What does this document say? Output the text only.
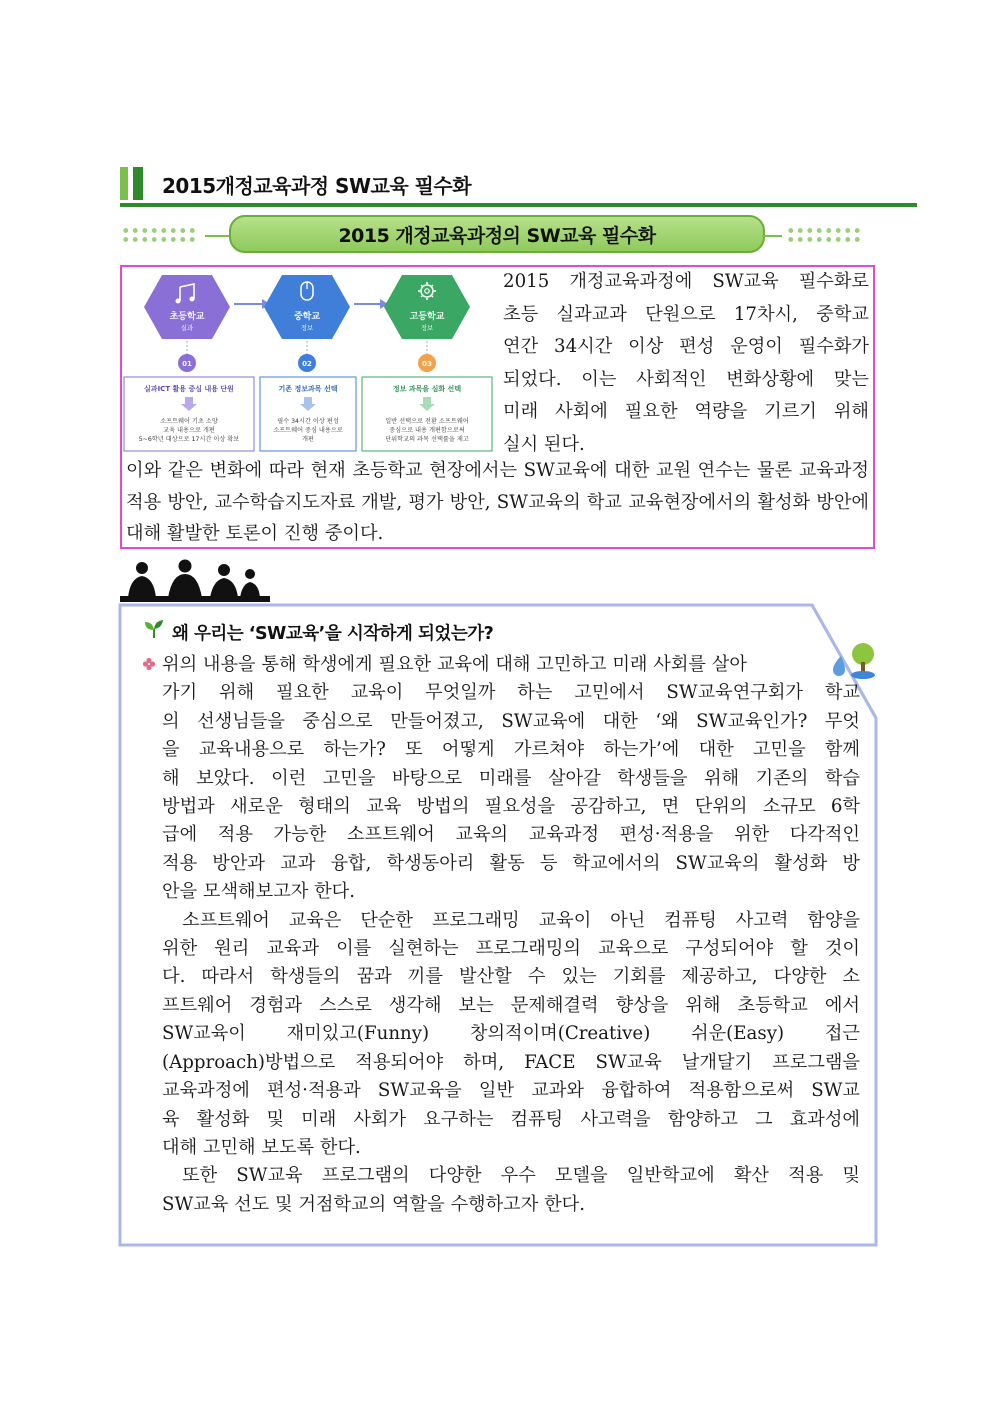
2015개정교육과정 SW교육 필수화
2015 개정교육과정의 SW교육 필수화
초등학교
실과
중학교
정보
고등학교
정보
01	02	03
실과ICT 활용 중심 내용 단원
소프트웨어 기초 소양
교육 내용으로 개편
5~6학년 대상으로 17시간 이상 확보
기존 정보과목 선택
필수 34시간 이상 편성
소프트웨어 중심 내용으로
개편
정보 과목을 심화 선택
일반 선택으로 전환 소프트웨어
중심으로 내용 개편함으로써
단위학교의 과목 선택률을 제고
2015 개정교육과정에 SW교육 필수화로
초등 실과교과 단원으로 17차시, 중학교
연간 34시간 이상 편성 운영이 필수화가
되었다. 이는 사회적인 변화상황에 맞는
미래 사회에 필요한 역량을 기르기 위해
실시 된다.
이와 같은 변화에 따라 현재 초등학교 현장에서는 SW교육에 대한 교원 연수는 물론 교육과정 적용 방안, 교수학습지도자료 개발, 평가 방안, SW교육의 학교 교육현장에서의 활성화 방안에 대해 활발한 토론이 진행 중이다.
왜 우리는 ‘SW교육’을 시작하게 되었는가?
위의 내용을 통해 학생에게 필요한 교육에 대해 고민하고 미래 사회를 살아
가기 위해 필요한 교육이 무엇일까 하는 고민에서 SW교육연구회가 학교
의 선생님들을 중심으로 만들어졌고, SW교육에 대한 ‘왜 SW교육인가? 무엇
을 교육내용으로 하는가? 또 어떻게 가르쳐야 하는가’에 대한 고민을 함께
해 보았다. 이런 고민을 바탕으로 미래를 살아갈 학생들을 위해 기존의 학습
방법과 새로운 형태의 교육 방법의 필요성을 공감하고, 면 단위의 소규모 6학
급에 적용 가능한 소프트웨어 교육의 교육과정 편성·적용을 위한 다각적인
적용 방안과 교과 융합, 학생동아리 활동 등 학교에서의 SW교육의 활성화 방
안을 모색해보고자 한다.
소프트웨어 교육은 단순한 프로그래밍 교육이 아닌 컴퓨팅 사고력 함양을
위한 원리 교육과 이를 실현하는 프로그래밍의 교육으로 구성되어야 할 것이
다. 따라서 학생들의 꿈과 끼를 발산할 수 있는 기회를 제공하고, 다양한 소
프트웨어 경험과 스스로 생각해 보는 문제해결력 향상을 위해 초등학교 에서
SW교육이 재미있고(Funny) 창의적이며(Creative) 쉬운(Easy) 접근
(Approach)방법으로 적용되어야 하며, FACE SW교육 날개달기 프로그램을
교육과정에 편성·적용과 SW교육을 일반 교과와 융합하여 적용함으로써 SW교
육 활성화 및 미래 사회가 요구하는 컴퓨팅 사고력을 함양하고 그 효과성에
대해 고민해 보도록 한다.
또한 SW교육 프로그램의 다양한 우수 모델을 일반학교에 확산 적용 및
SW교육 선도 및 거점학교의 역할을 수행하고자 한다.
